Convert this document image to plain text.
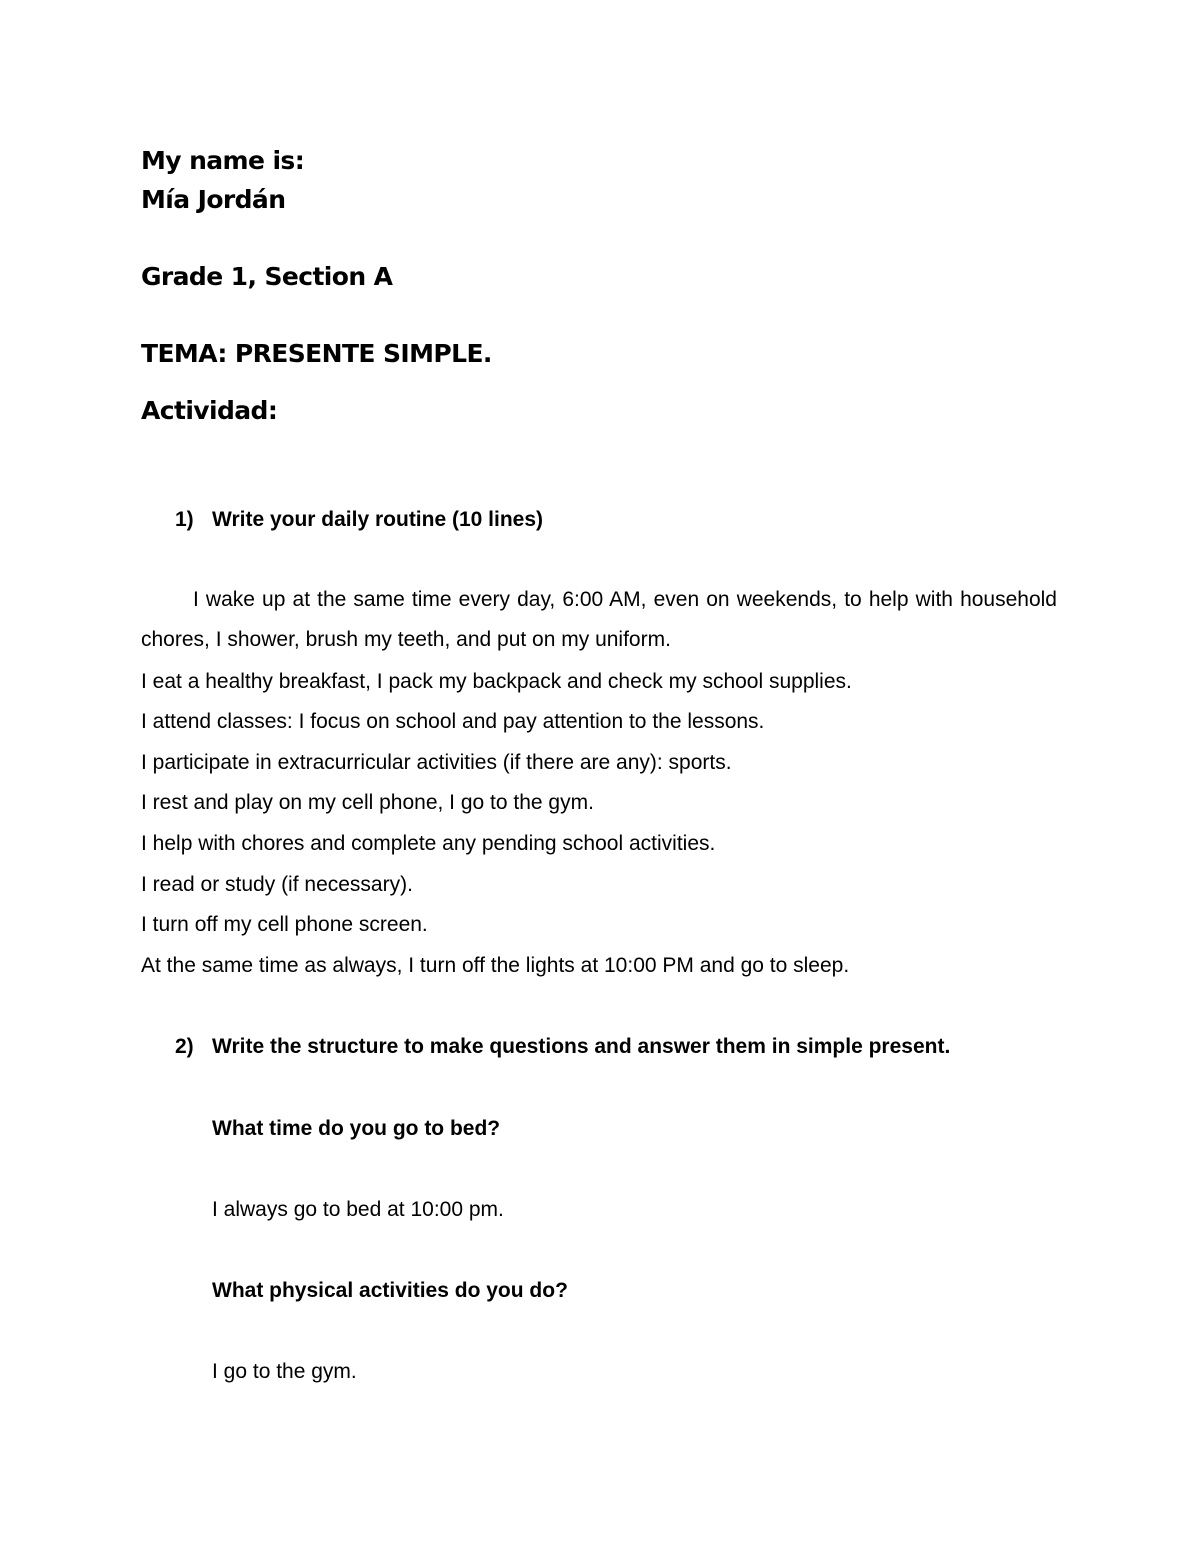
My name is:
Mía Jordán
Grade 1, Section A
TEMA: PRESENTE SIMPLE.
Actividad:
1) Write your daily routine (10 lines)
I wake up at the same time every day, 6:00 AM, even on weekends, to help with household chores, I shower, brush my teeth, and put on my uniform.
I eat a healthy breakfast, I pack my backpack and check my school supplies.
I attend classes: I focus on school and pay attention to the lessons.
I participate in extracurricular activities (if there are any): sports.
I rest and play on my cell phone, I go to the gym.
I help with chores and complete any pending school activities.
I read or study (if necessary).
I turn off my cell phone screen.
At the same time as always, I turn off the lights at 10:00 PM and go to sleep.
2) Write the structure to make questions and answer them in simple present.
What time do you go to bed?
I always go to bed at 10:00 pm.
What physical activities do you do?
I go to the gym.
